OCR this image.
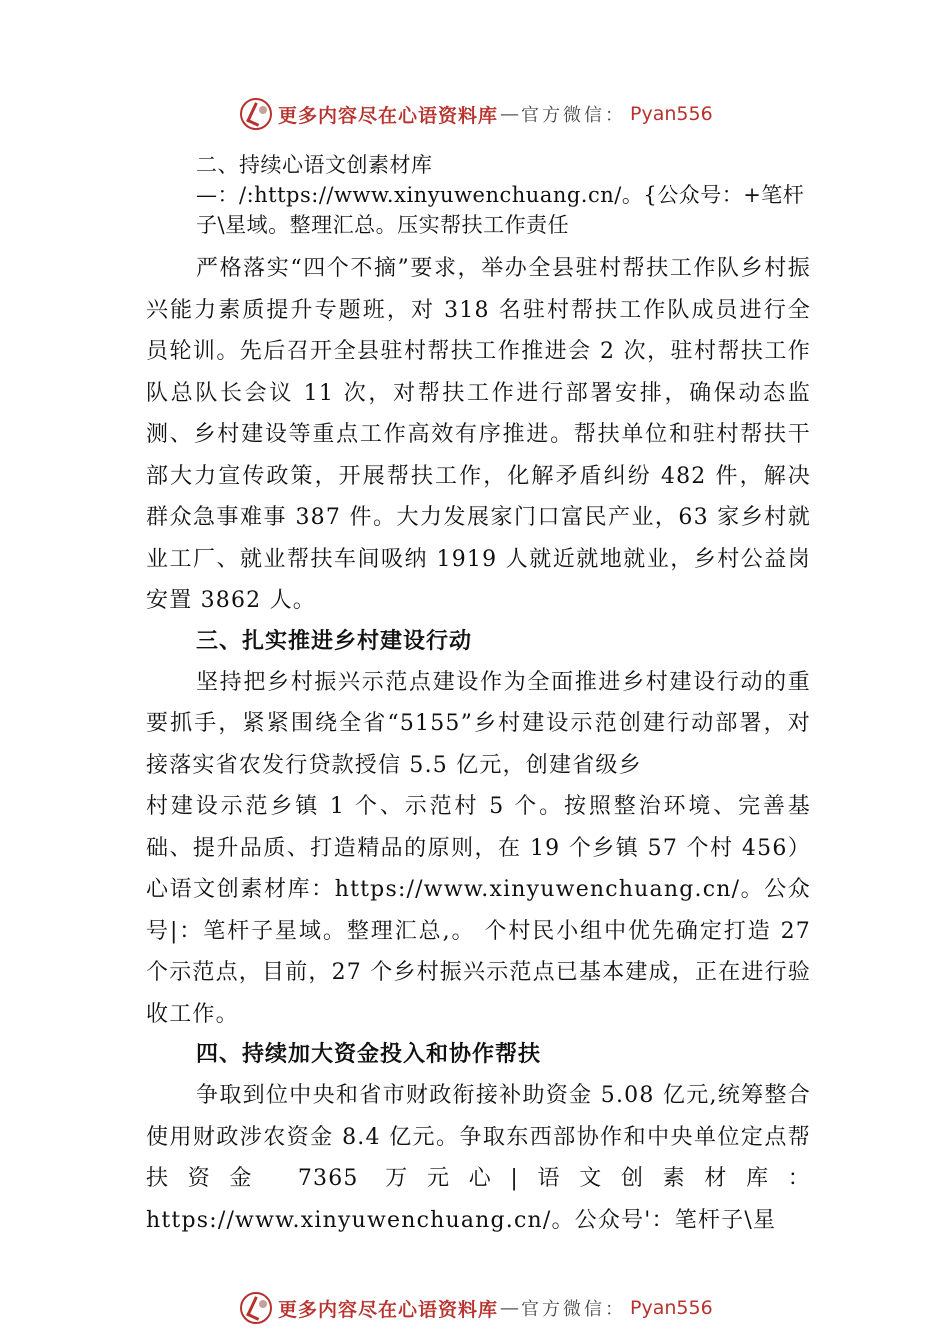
更多内容尽在心语资料库 — 官方微信： Pyan556

二、持续心语文创素材库—：/:https://www.xinyuwenchuang.cn/。{公众号：+笔杆子\星域。整理汇总。压实帮扶工作责任

严格落实“四个不摘”要求，举办全县驻村帮扶工作队乡村振兴能力素质提升专题班，对 318 名驻村帮扶工作队成员进行全员轮训。先后召开全县驻村帮扶工作推进会 2 次，驻村帮扶工作队总队长会议 11 次，对帮扶工作进行部署安排，确保动态监测、乡村建设等重点工作高效有序推进。帮扶单位和驻村帮扶干部大力宣传政策，开展帮扶工作，化解矛盾纠纷 482 件，解决群众急事难事 387 件。大力发展家门口富民产业，63 家乡村就业工厂、就业帮扶车间吸纳 1919 人就近就地就业，乡村公益岗安置 3862 人。

三、扎实推进乡村建设行动

坚持把乡村振兴示范点建设作为全面推进乡村建设行动的重要抓手，紧紧围绕全省“5155”乡村建设示范创建行动部署，对接落实省农发行贷款授信 5.5 亿元，创建省级乡

村建设示范乡镇 1 个、示范村 5 个。按照整治环境、完善基础、提升品质、打造精品的原则，在 19 个乡镇 57 个村 456）心语文创素材库：https://www.xinyuwenchuang.cn/。公众号|：笔杆子星域。整理汇总,。 个村民小组中优先确定打造 27 个示范点，目前，27 个乡村振兴示范点已基本建成，正在进行验收工作。

四、持续加大资金投入和协作帮扶

争取到位中央和省市财政衔接补助资金 5.08 亿元,统筹整合使用财政涉农资金 8.4 亿元。争取东西部协作和中央单位定点帮扶资金 7365 万元心|语文创素材库：https://www.xinyuwenchuang.cn/。公众号'：笔杆子\星

更多内容尽在心语资料库 — 官方微信： Pyan556
